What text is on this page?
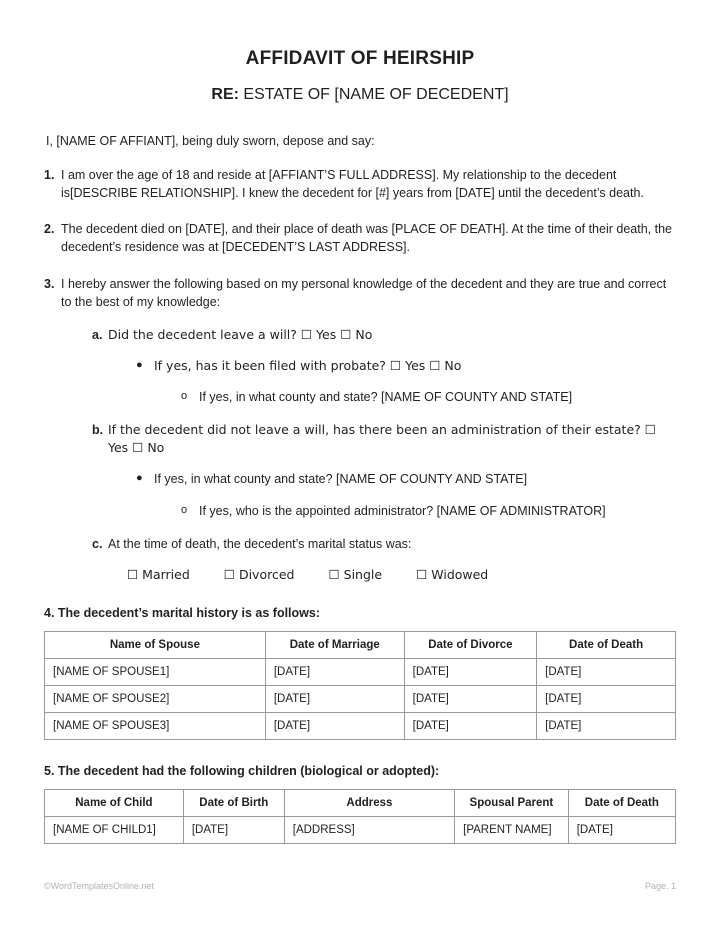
AFFIDAVIT OF HEIRSHIP
RE: ESTATE OF [NAME OF DECEDENT]
I, [NAME OF AFFIANT], being duly sworn, depose and say:
1. I am over the age of 18 and reside at [AFFIANT’S FULL ADDRESS]. My relationship to the decedent is[DESCRIBE RELATIONSHIP]. I knew the decedent for [#] years from [DATE] until the decedent’s death.
2. The decedent died on [DATE], and their place of death was [PLACE OF DEATH]. At the time of their death, the decedent’s residence was at [DECEDENT’S LAST ADDRESS].
3. I hereby answer the following based on my personal knowledge of the decedent and they are true and correct to the best of my knowledge:
a. Did the decedent leave a will? ☐ Yes ☐ No
● If yes, has it been filed with probate? ☐ Yes ☐ No
o If yes, in what county and state? [NAME OF COUNTY AND STATE]
b. If the decedent did not leave a will, has there been an administration of their estate? ☐ Yes ☐ No
● If yes, in what county and state? [NAME OF COUNTY AND STATE]
o If yes, who is the appointed administrator? [NAME OF ADMINISTRATOR]
c. At the time of death, the decedent’s marital status was:
☐ Married	☐ Divorced	☐ Single	☐ Widowed
4. The decedent’s marital history is as follows:
Name of Spouse	Date of Marriage	Date of Divorce	Date of Death
[NAME OF SPOUSE1]	[DATE]	[DATE]	[DATE]
[NAME OF SPOUSE2]	[DATE]	[DATE]	[DATE]
[NAME OF SPOUSE3]	[DATE]	[DATE]	[DATE]
5. The decedent had the following children (biological or adopted):
Name of Child	Date of Birth	Address	Spousal Parent	Date of Death
[NAME OF CHILD1]	[DATE]	[ADDRESS]	[PARENT NAME]	[DATE]
©WordTemplatesOnline.net	Page. 1
